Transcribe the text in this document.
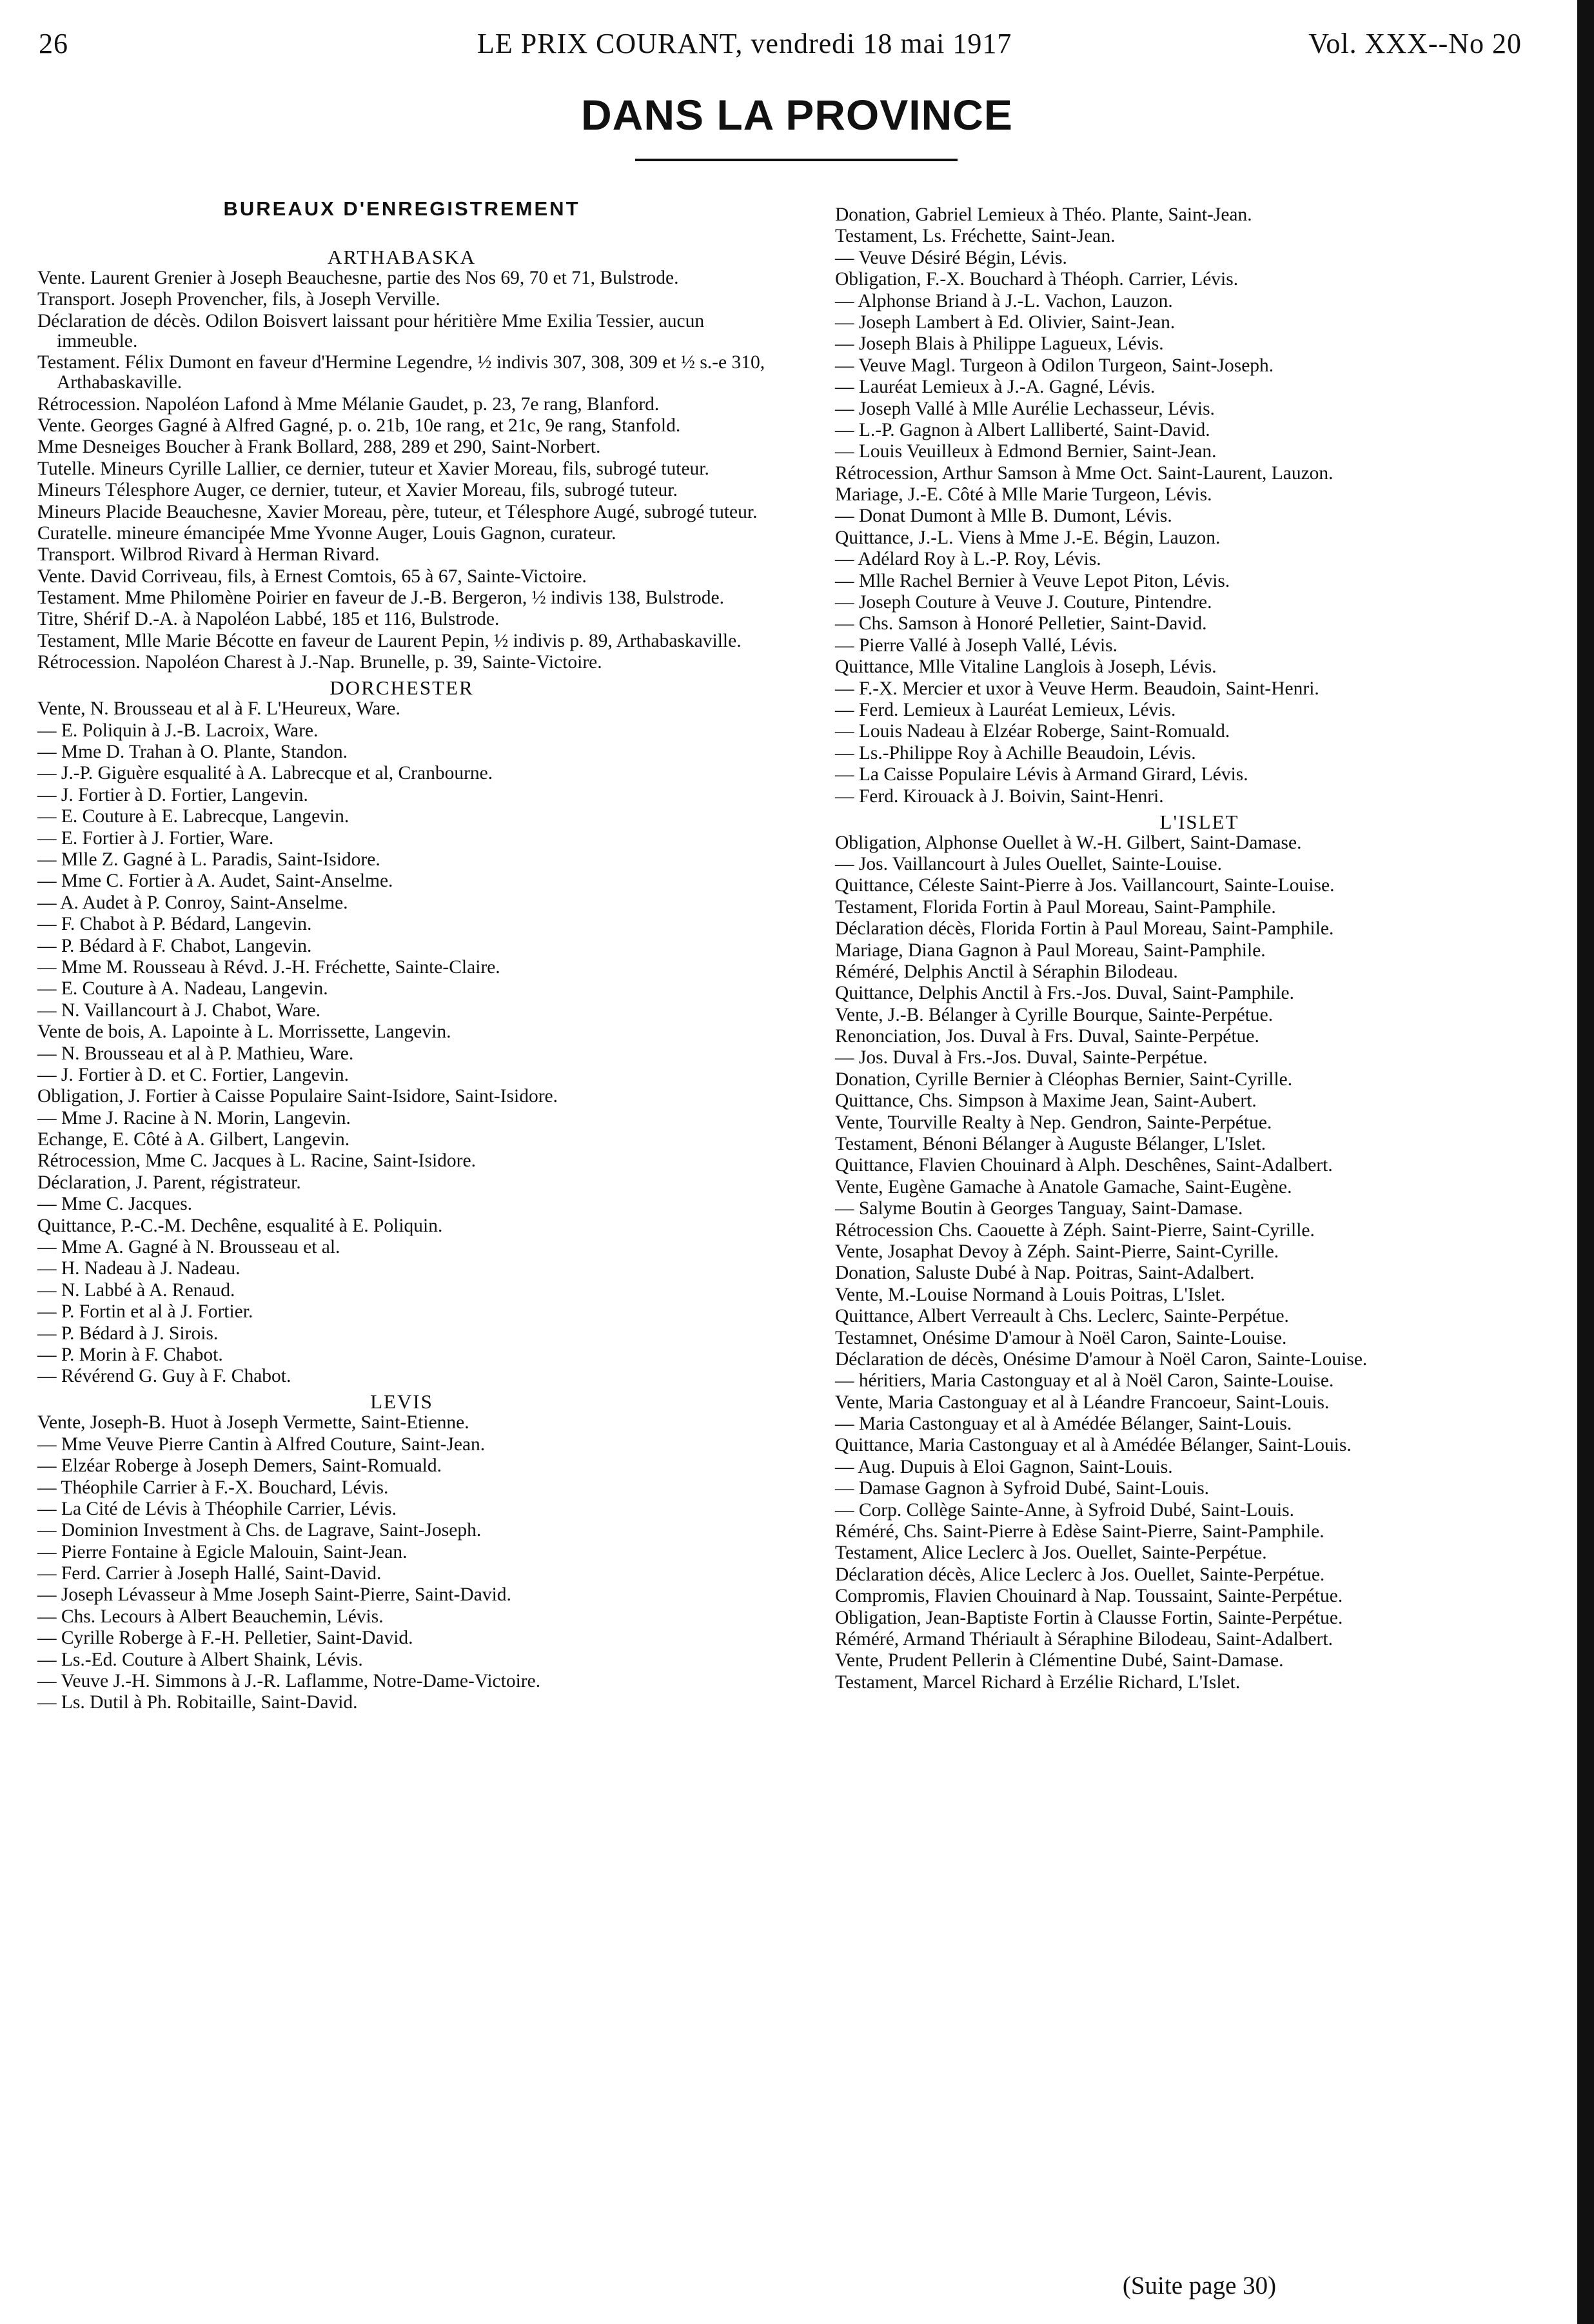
26	LE PRIX COURANT, vendredi 18 mai 1917	Vol. XXX--No 20
DANS LA PROVINCE
BUREAUX D'ENREGISTREMENT
ARTHABASKA
Vente. Laurent Grenier à Joseph Beauchesne, partie des Nos 69, 70 et 71, Bulstrode.
Transport. Joseph Provencher, fils, à Joseph Verville.
Déclaration de décès. Odilon Boisvert laissant pour héritière Mme Exilia Tessier, aucun immeuble.
Testament. Félix Dumont en faveur d'Hermine Legendre, ½ indivis 307, 308, 309 et ½ s.-e 310, Arthabaskaville.
Rétrocession. Napoléon Lafond à Mme Mélanie Gaudet, p. 23, 7e rang, Blanford.
Vente. Georges Gagné à Alfred Gagné, p. o. 21b, 10e rang, et 21c, 9e rang, Stanfold.
Mme Desneiges Boucher à Frank Bollard, 288, 289 et 290, Saint-Norbert.
Tutelle. Mineurs Cyrille Lallier, ce dernier, tuteur et Xavier Moreau, fils, subrogé tuteur.
Mineurs Télesphore Auger, ce dernier, tuteur, et Xavier Moreau, fils, subrogé tuteur.
Mineurs Placide Beauchesne, Xavier Moreau, père, tuteur, et Télesphore Augé, subrogé tuteur.
Curatelle. mineure émancipée Mme Yvonne Auger, Louis Gagnon, curateur.
Transport. Wilbrod Rivard à Herman Rivard.
Vente. David Corriveau, fils, à Ernest Comtois, 65 à 67, Sainte-Victoire.
Testament. Mme Philomène Poirier en faveur de J.-B. Bergeron, ½ indivis 138, Bulstrode.
Titre, Shérif D.-A. à Napoléon Labbé, 185 et 116, Bulstrode.
Testament, Mlle Marie Bécotte en faveur de Laurent Pepin, ½ indivis p. 89, Arthabaskaville.
Rétrocession. Napoléon Charest à J.-Nap. Brunelle, p. 39, Sainte-Victoire.
DORCHESTER
Vente, N. Brousseau et al à F. L'Heureux, Ware.
— E. Poliquin à J.-B. Lacroix, Ware.
— Mme D. Trahan à O. Plante, Standon.
— J.-P. Giguère esqualité à A. Labrecque et al, Cranbourne.
— J. Fortier à D. Fortier, Langevin.
— E. Couture à E. Labrecque, Langevin.
— E. Fortier à J. Fortier, Ware.
— Mlle Z. Gagné à L. Paradis, Saint-Isidore.
— Mme C. Fortier à A. Audet, Saint-Anselme.
— A. Audet à P. Conroy, Saint-Anselme.
— F. Chabot à P. Bédard, Langevin.
— P. Bédard à F. Chabot, Langevin.
— Mme M. Rousseau à Révd. J.-H. Fréchette, Sainte-Claire.
— E. Couture à A. Nadeau, Langevin.
— N. Vaillancourt à J. Chabot, Ware.
Vente de bois, A. Lapointe à L. Morrissette, Langevin.
— N. Brousseau et al à P. Mathieu, Ware.
— J. Fortier à D. et C. Fortier, Langevin.
Obligation, J. Fortier à Caisse Populaire Saint-Isidore, Saint-Isidore.
— Mme J. Racine à N. Morin, Langevin.
Echange, E. Côté à A. Gilbert, Langevin.
Rétrocession, Mme C. Jacques à L. Racine, Saint-Isidore.
Déclaration, J. Parent, régistrateur.
— Mme C. Jacques.
Quittance, P.-C.-M. Dechêne, esqualité à E. Poliquin.
— Mme A. Gagné à N. Brousseau et al.
— H. Nadeau à J. Nadeau.
— N. Labbé à A. Renaud.
— P. Fortin et al à J. Fortier.
— P. Bédard à J. Sirois.
— P. Morin à F. Chabot.
— Révérend G. Guy à F. Chabot.
LEVIS
Vente, Joseph-B. Huot à Joseph Vermette, Saint-Etienne.
— Mme Veuve Pierre Cantin à Alfred Couture, Saint-Jean.
— Elzéar Roberge à Joseph Demers, Saint-Romuald.
— Théophile Carrier à F.-X. Bouchard, Lévis.
— La Cité de Lévis à Théophile Carrier, Lévis.
— Dominion Investment à Chs. de Lagrave, Saint-Joseph.
— Pierre Fontaine à Egicle Malouin, Saint-Jean.
— Ferd. Carrier à Joseph Hallé, Saint-David.
— Joseph Lévasseur à Mme Joseph Saint-Pierre, Saint-David.
— Chs. Lecours à Albert Beauchemin, Lévis.
— Cyrille Roberge à F.-H. Pelletier, Saint-David.
— Ls.-Ed. Couture à Albert Shaink, Lévis.
— Veuve J.-H. Simmons à J.-R. Laflamme, Notre-Dame-Victoire.
— Ls. Dutil à Ph. Robitaille, Saint-David.
Donation, Gabriel Lemieux à Théo. Plante, Saint-Jean.
Testament, Ls. Fréchette, Saint-Jean.
— Veuve Désiré Bégin, Lévis.
Obligation, F.-X. Bouchard à Théoph. Carrier, Lévis.
— Alphonse Briand à J.-L. Vachon, Lauzon.
— Joseph Lambert à Ed. Olivier, Saint-Jean.
— Joseph Blais à Philippe Lagueux, Lévis.
— Veuve Magl. Turgeon à Odilon Turgeon, Saint-Joseph.
— Lauréat Lemieux à J.-A. Gagné, Lévis.
— Joseph Vallé à Mlle Aurélie Lechasseur, Lévis.
— L.-P. Gagnon à Albert Lalliberté, Saint-David.
— Louis Veuilleux à Edmond Bernier, Saint-Jean.
Rétrocession, Arthur Samson à Mme Oct. Saint-Laurent, Lauzon.
Mariage, J.-E. Côté à Mlle Marie Turgeon, Lévis.
— Donat Dumont à Mlle B. Dumont, Lévis.
Quittance, J.-L. Viens à Mme J.-E. Bégin, Lauzon.
— Adélard Roy à L.-P. Roy, Lévis.
— Mlle Rachel Bernier à Veuve Lepot Piton, Lévis.
— Joseph Couture à Veuve J. Couture, Pintendre.
— Chs. Samson à Honoré Pelletier, Saint-David.
— Pierre Vallé à Joseph Vallé, Lévis.
Quittance, Mlle Vitaline Langlois à Joseph, Lévis.
— F.-X. Mercier et uxor à Veuve Herm. Beaudoin, Saint-Henri.
— Ferd. Lemieux à Lauréat Lemieux, Lévis.
— Louis Nadeau à Elzéar Roberge, Saint-Romuald.
— Ls.-Philippe Roy à Achille Beaudoin, Lévis.
— La Caisse Populaire Lévis à Armand Girard, Lévis.
— Ferd. Kirouack à J. Boivin, Saint-Henri.
L'ISLET
Obligation, Alphonse Ouellet à W.-H. Gilbert, Saint-Damase.
— Jos. Vaillancourt à Jules Ouellet, Sainte-Louise.
Quittance, Céleste Saint-Pierre à Jos. Vaillancourt, Sainte-Louise.
Testament, Florida Fortin à Paul Moreau, Saint-Pamphile.
Déclaration décès, Florida Fortin à Paul Moreau, Saint-Pamphile.
Mariage, Diana Gagnon à Paul Moreau, Saint-Pamphile.
Réméré, Delphis Anctil à Séraphin Bilodeau.
Quittance, Delphis Anctil à Frs.-Jos. Duval, Saint-Pamphile.
Vente, J.-B. Bélanger à Cyrille Bourque, Sainte-Perpétue.
Renonciation, Jos. Duval à Frs. Duval, Sainte-Perpétue.
— Jos. Duval à Frs.-Jos. Duval, Sainte-Perpétue.
Donation, Cyrille Bernier à Cléophas Bernier, Saint-Cyrille.
Quittance, Chs. Simpson à Maxime Jean, Saint-Aubert.
Vente, Tourville Realty à Nep. Gendron, Sainte-Perpétue.
Testament, Bénoni Bélanger à Auguste Bélanger, L'Islet.
Quittance, Flavien Chouinard à Alph. Deschênes, Saint-Adalbert.
Vente, Eugène Gamache à Anatole Gamache, Saint-Eugène.
— Salyme Boutin à Georges Tanguay, Saint-Damase.
Rétrocession Chs. Caouette à Zéph. Saint-Pierre, Saint-Cyrille.
Vente, Josaphat Devoy à Zéph. Saint-Pierre, Saint-Cyrille.
Donation, Saluste Dubé à Nap. Poitras, Saint-Adalbert.
Vente, M.-Louise Normand à Louis Poitras, L'Islet.
Quittance, Albert Verreault à Chs. Leclerc, Sainte-Perpétue.
Testamnet, Onésime D'amour à Noël Caron, Sainte-Louise.
Déclaration de décès, Onésime D'amour à Noël Caron, Sainte-Louise.
— héritiers, Maria Castonguay et al à Noël Caron, Sainte-Louise.
Vente, Maria Castonguay et al à Léandre Francoeur, Saint-Louis.
— Maria Castonguay et al à Amédée Bélanger, Saint-Louis.
Quittance, Maria Castonguay et al à Amédée Bélanger, Saint-Louis.
— Aug. Dupuis à Eloi Gagnon, Saint-Louis.
— Damase Gagnon à Syfroid Dubé, Saint-Louis.
— Corp. Collège Sainte-Anne, à Syfroid Dubé, Saint-Louis.
Réméré, Chs. Saint-Pierre à Edèse Saint-Pierre, Saint-Pamphile.
Testament, Alice Leclerc à Jos. Ouellet, Sainte-Perpétue.
Déclaration décès, Alice Leclerc à Jos. Ouellet, Sainte-Perpétue.
Compromis, Flavien Chouinard à Nap. Toussaint, Sainte-Perpétue.
Obligation, Jean-Baptiste Fortin à Clausse Fortin, Sainte-Perpétue.
Réméré, Armand Thériault à Séraphine Bilodeau, Saint-Adalbert.
Vente, Prudent Pellerin à Clémentine Dubé, Saint-Damase.
Testament, Marcel Richard à Erzélie Richard, L'Islet.
(Suite page 30)
